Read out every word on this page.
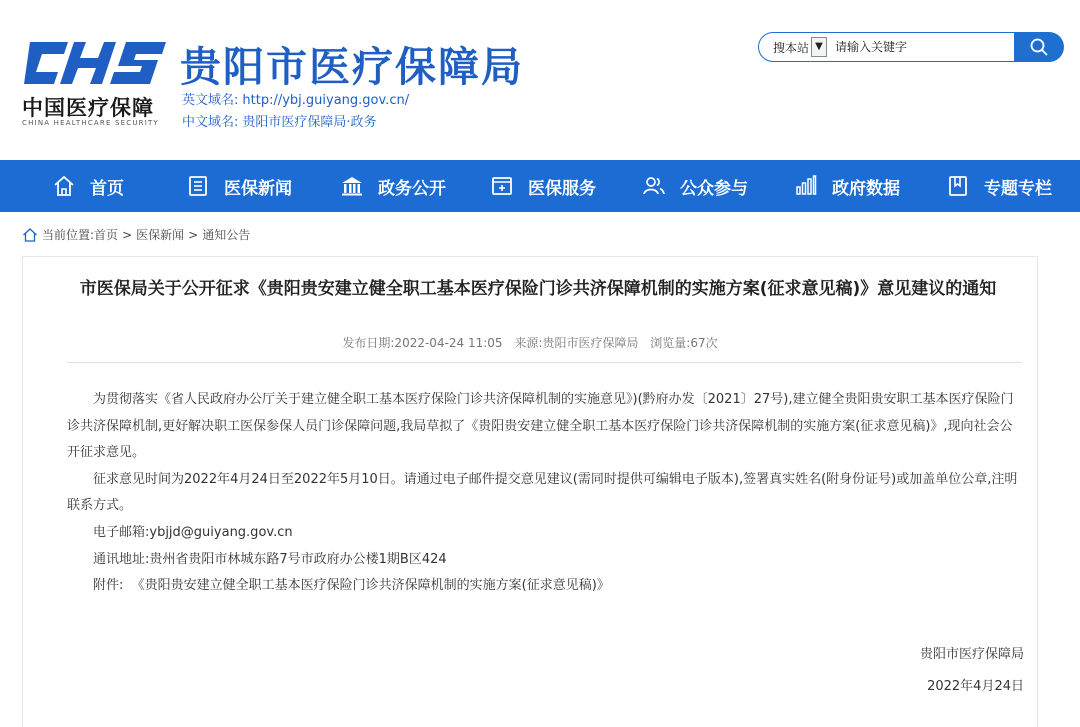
中国医疗保障
CHINA HEALTHCARE SECURITY
贵阳市医疗保障局
英文域名: http://ybj.guiyang.gov.cn/
中文域名: 贵阳市医疗保障局·政务
搜本站 ▼
请输入关键字
首页	医保新闻	政务公开	医保服务	公众参与	政府数据	专题专栏
当前位置: 首页 > 医保新闻 > 通知公告
市医保局关于公开征求《贵阳贵安建立健全职工基本医疗保险门诊共济保障机制的实施方案(征求意见稿)》意见建议的通知
发布日期:2022-04-24 11:05 来源:贵阳市医疗保障局 浏览量:67次

为贯彻落实《省人民政府办公厅关于建立健全职工基本医疗保险门诊共济保障机制的实施意见》)(黔府办发〔2021〕27号),建立健全贵阳贵安职工基本医疗保险门诊共济保障机制,更好解决职工医保参保人员门诊保障问题,我局草拟了《贵阳贵安建立健全职工基本医疗保险门诊共济保障机制的实施方案(征求意见稿)》,现向社会公开征求意见。

征求意见时间为2022年4月24日至2022年5月10日。请通过电子邮件提交意见建议(需同时提供可编辑电子版本),签署真实姓名(附身份证号)或加盖单位公章,注明联系方式。

电子邮箱:ybjjd@guiyang.gov.cn

通讯地址:贵州省贵阳市林城东路7号市政府办公楼1期B区424

附件: 《贵阳贵安建立健全职工基本医疗保险门诊共济保障机制的实施方案(征求意见稿)》

贵阳市医疗保障局
2022年4月24日
